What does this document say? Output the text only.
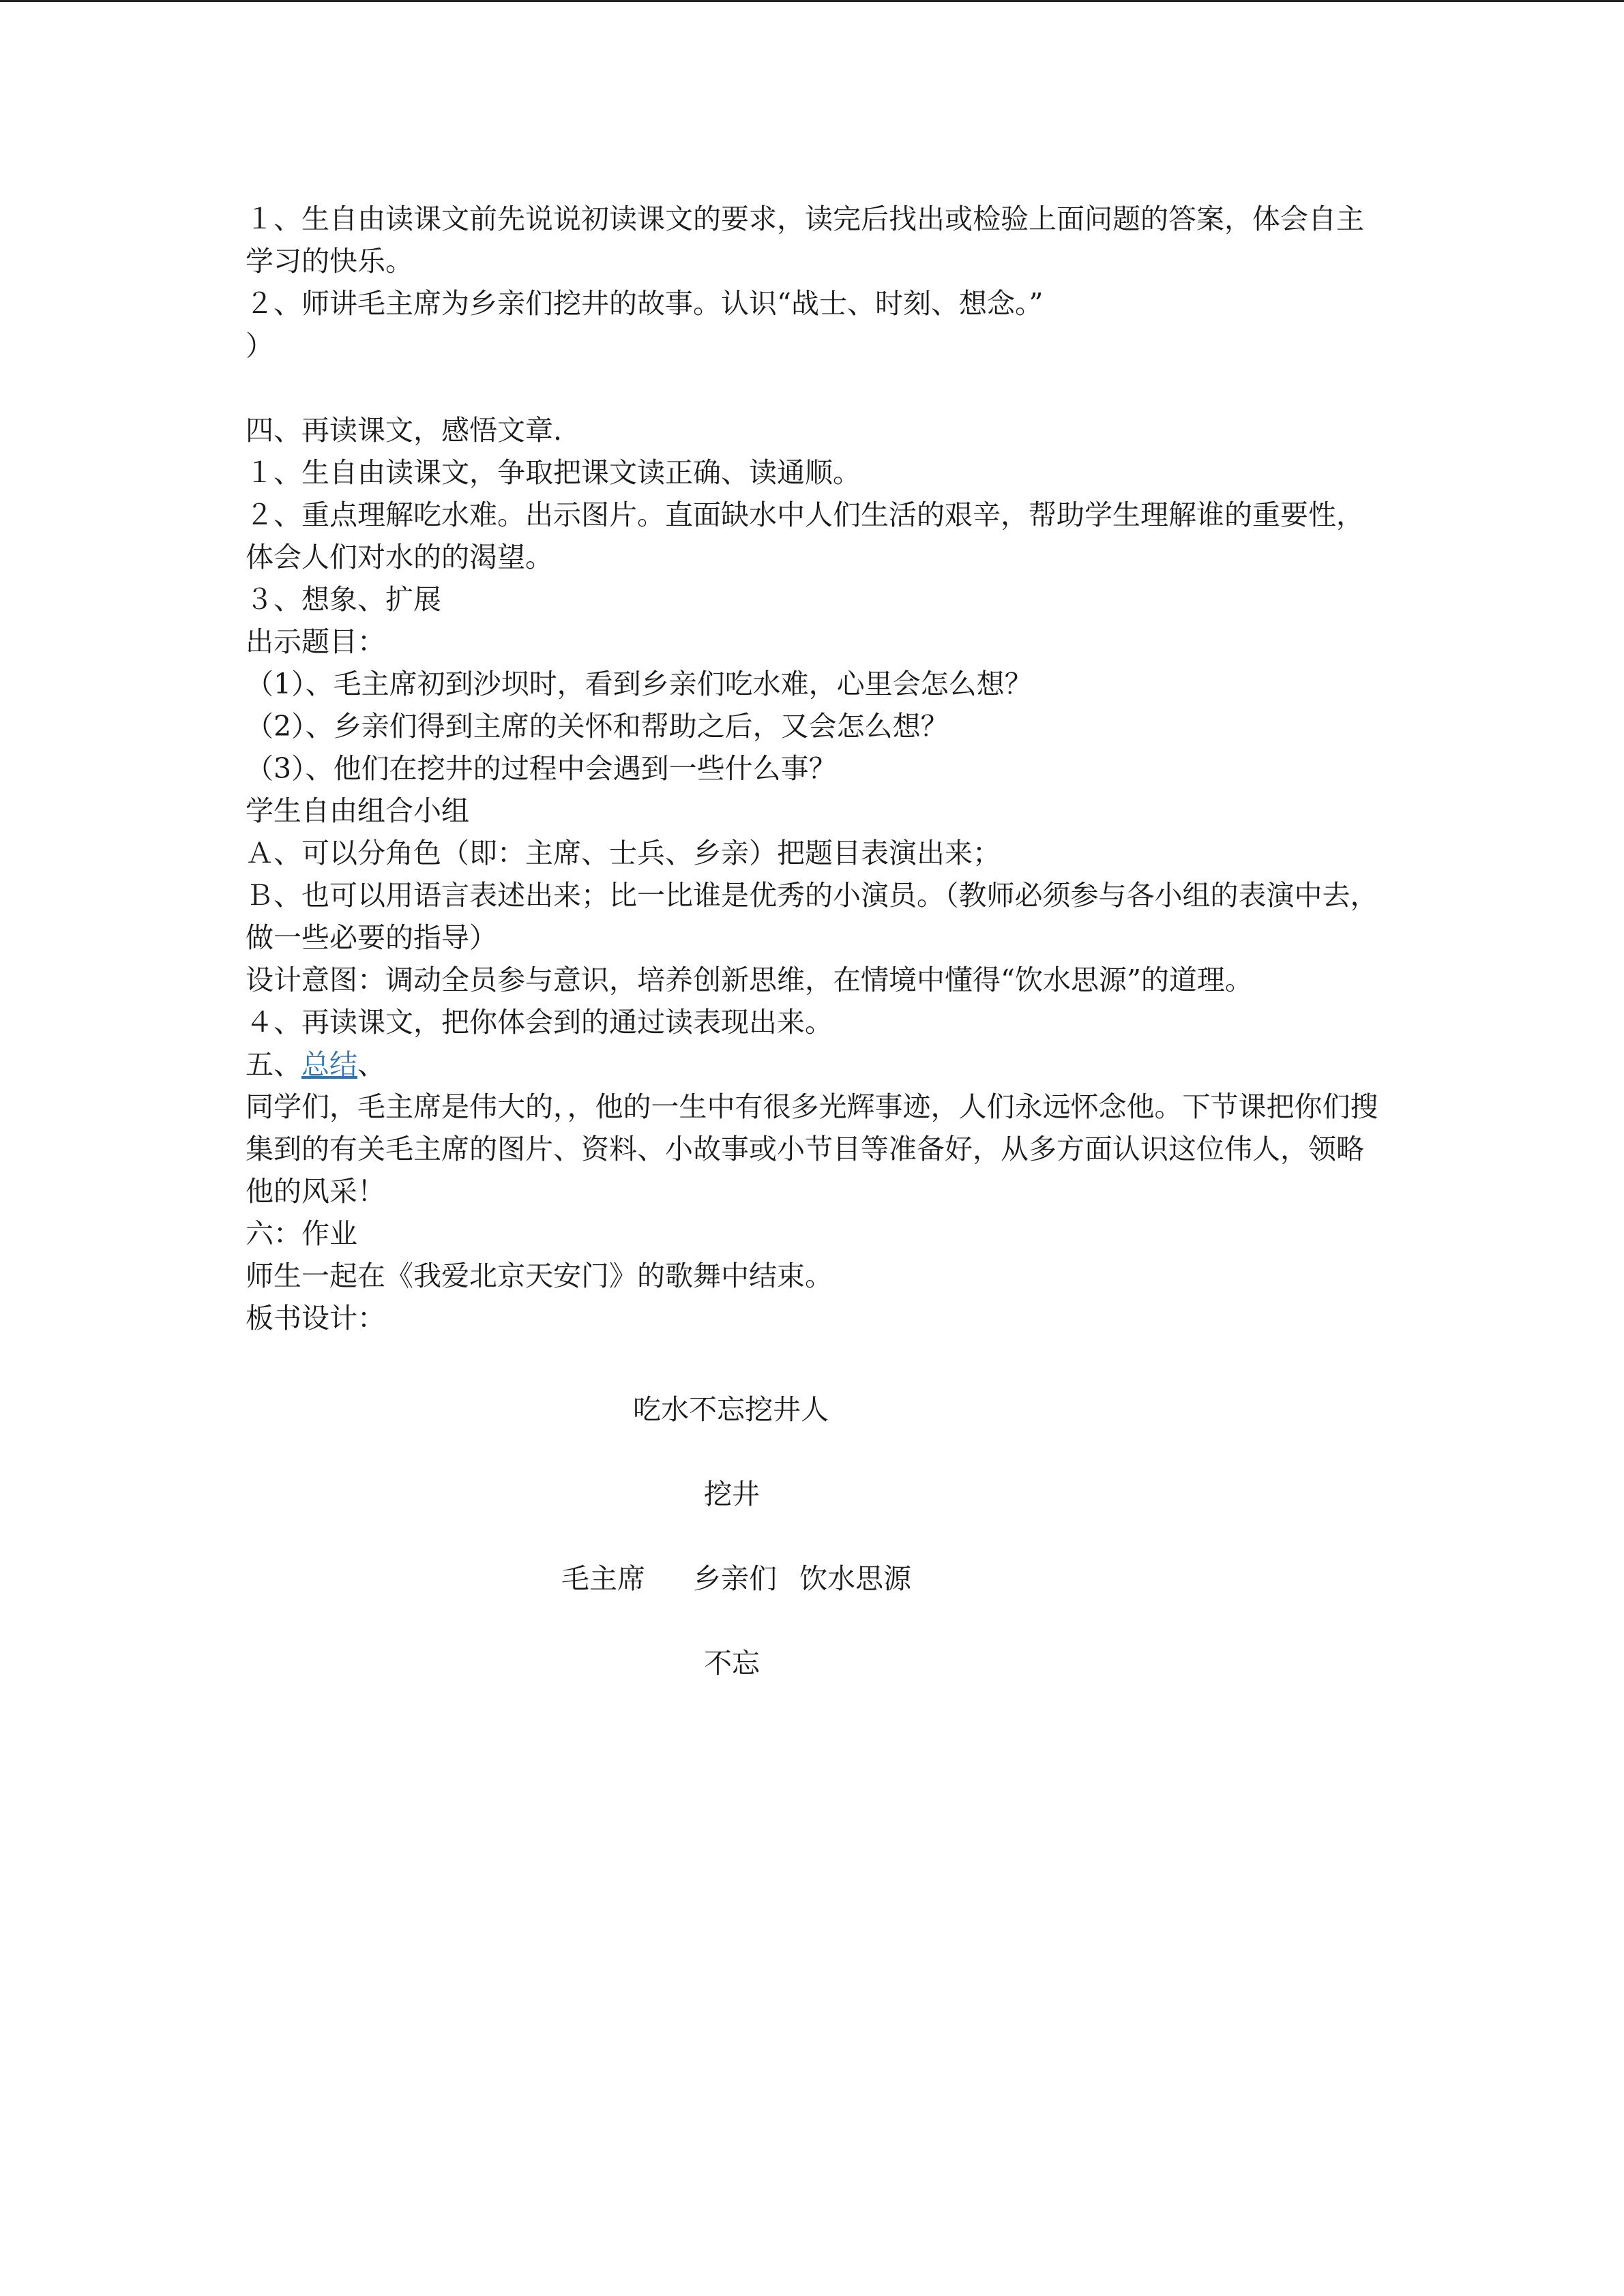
１、生自由读课文前先说说初读课文的要求，读完后找出或检验上面问题的答案，体会自主学习的快乐。

２、师讲毛主席为乡亲们挖井的故事。认识“战士、时刻、想念。”

）

四、再读课文，感悟文章.

１、生自由读课文，争取把课文读正确、读通顺。

２、重点理解吃水难。出示图片。直面缺水中人们生活的艰辛，帮助学生理解谁的重要性，体会人们对水的的渴望。

３、想象、扩展

出示题目：

（1）、毛主席初到沙坝时，看到乡亲们吃水难，心里会怎么想？

（2）、乡亲们得到主席的关怀和帮助之后，又会怎么想？

（3）、他们在挖井的过程中会遇到一些什么事？

学生自由组合小组

Ａ、可以分角色（即：主席、士兵、乡亲）把题目表演出来；

Ｂ、也可以用语言表述出来；比一比谁是优秀的小演员。（教师必须参与各小组的表演中去，做一些必要的指导）

设计意图：调动全员参与意识，培养创新思维，在情境中懂得“饮水思源”的道理。

４、再读课文，把你体会到的通过读表现出来。

五、总结、

同学们，毛主席是伟大的，，他的一生中有很多光辉事迹，人们永远怀念他。下节课把你们搜集到的有关毛主席的图片、资料、小故事或小节目等准备好，从多方面认识这位伟人，领略他的风采！

六：作业

师生一起在《我爱北京天安门》的歌舞中结束。

板书设计：

吃水不忘挖井人
挖井
毛主席 乡亲们 饮水思源
不忘
